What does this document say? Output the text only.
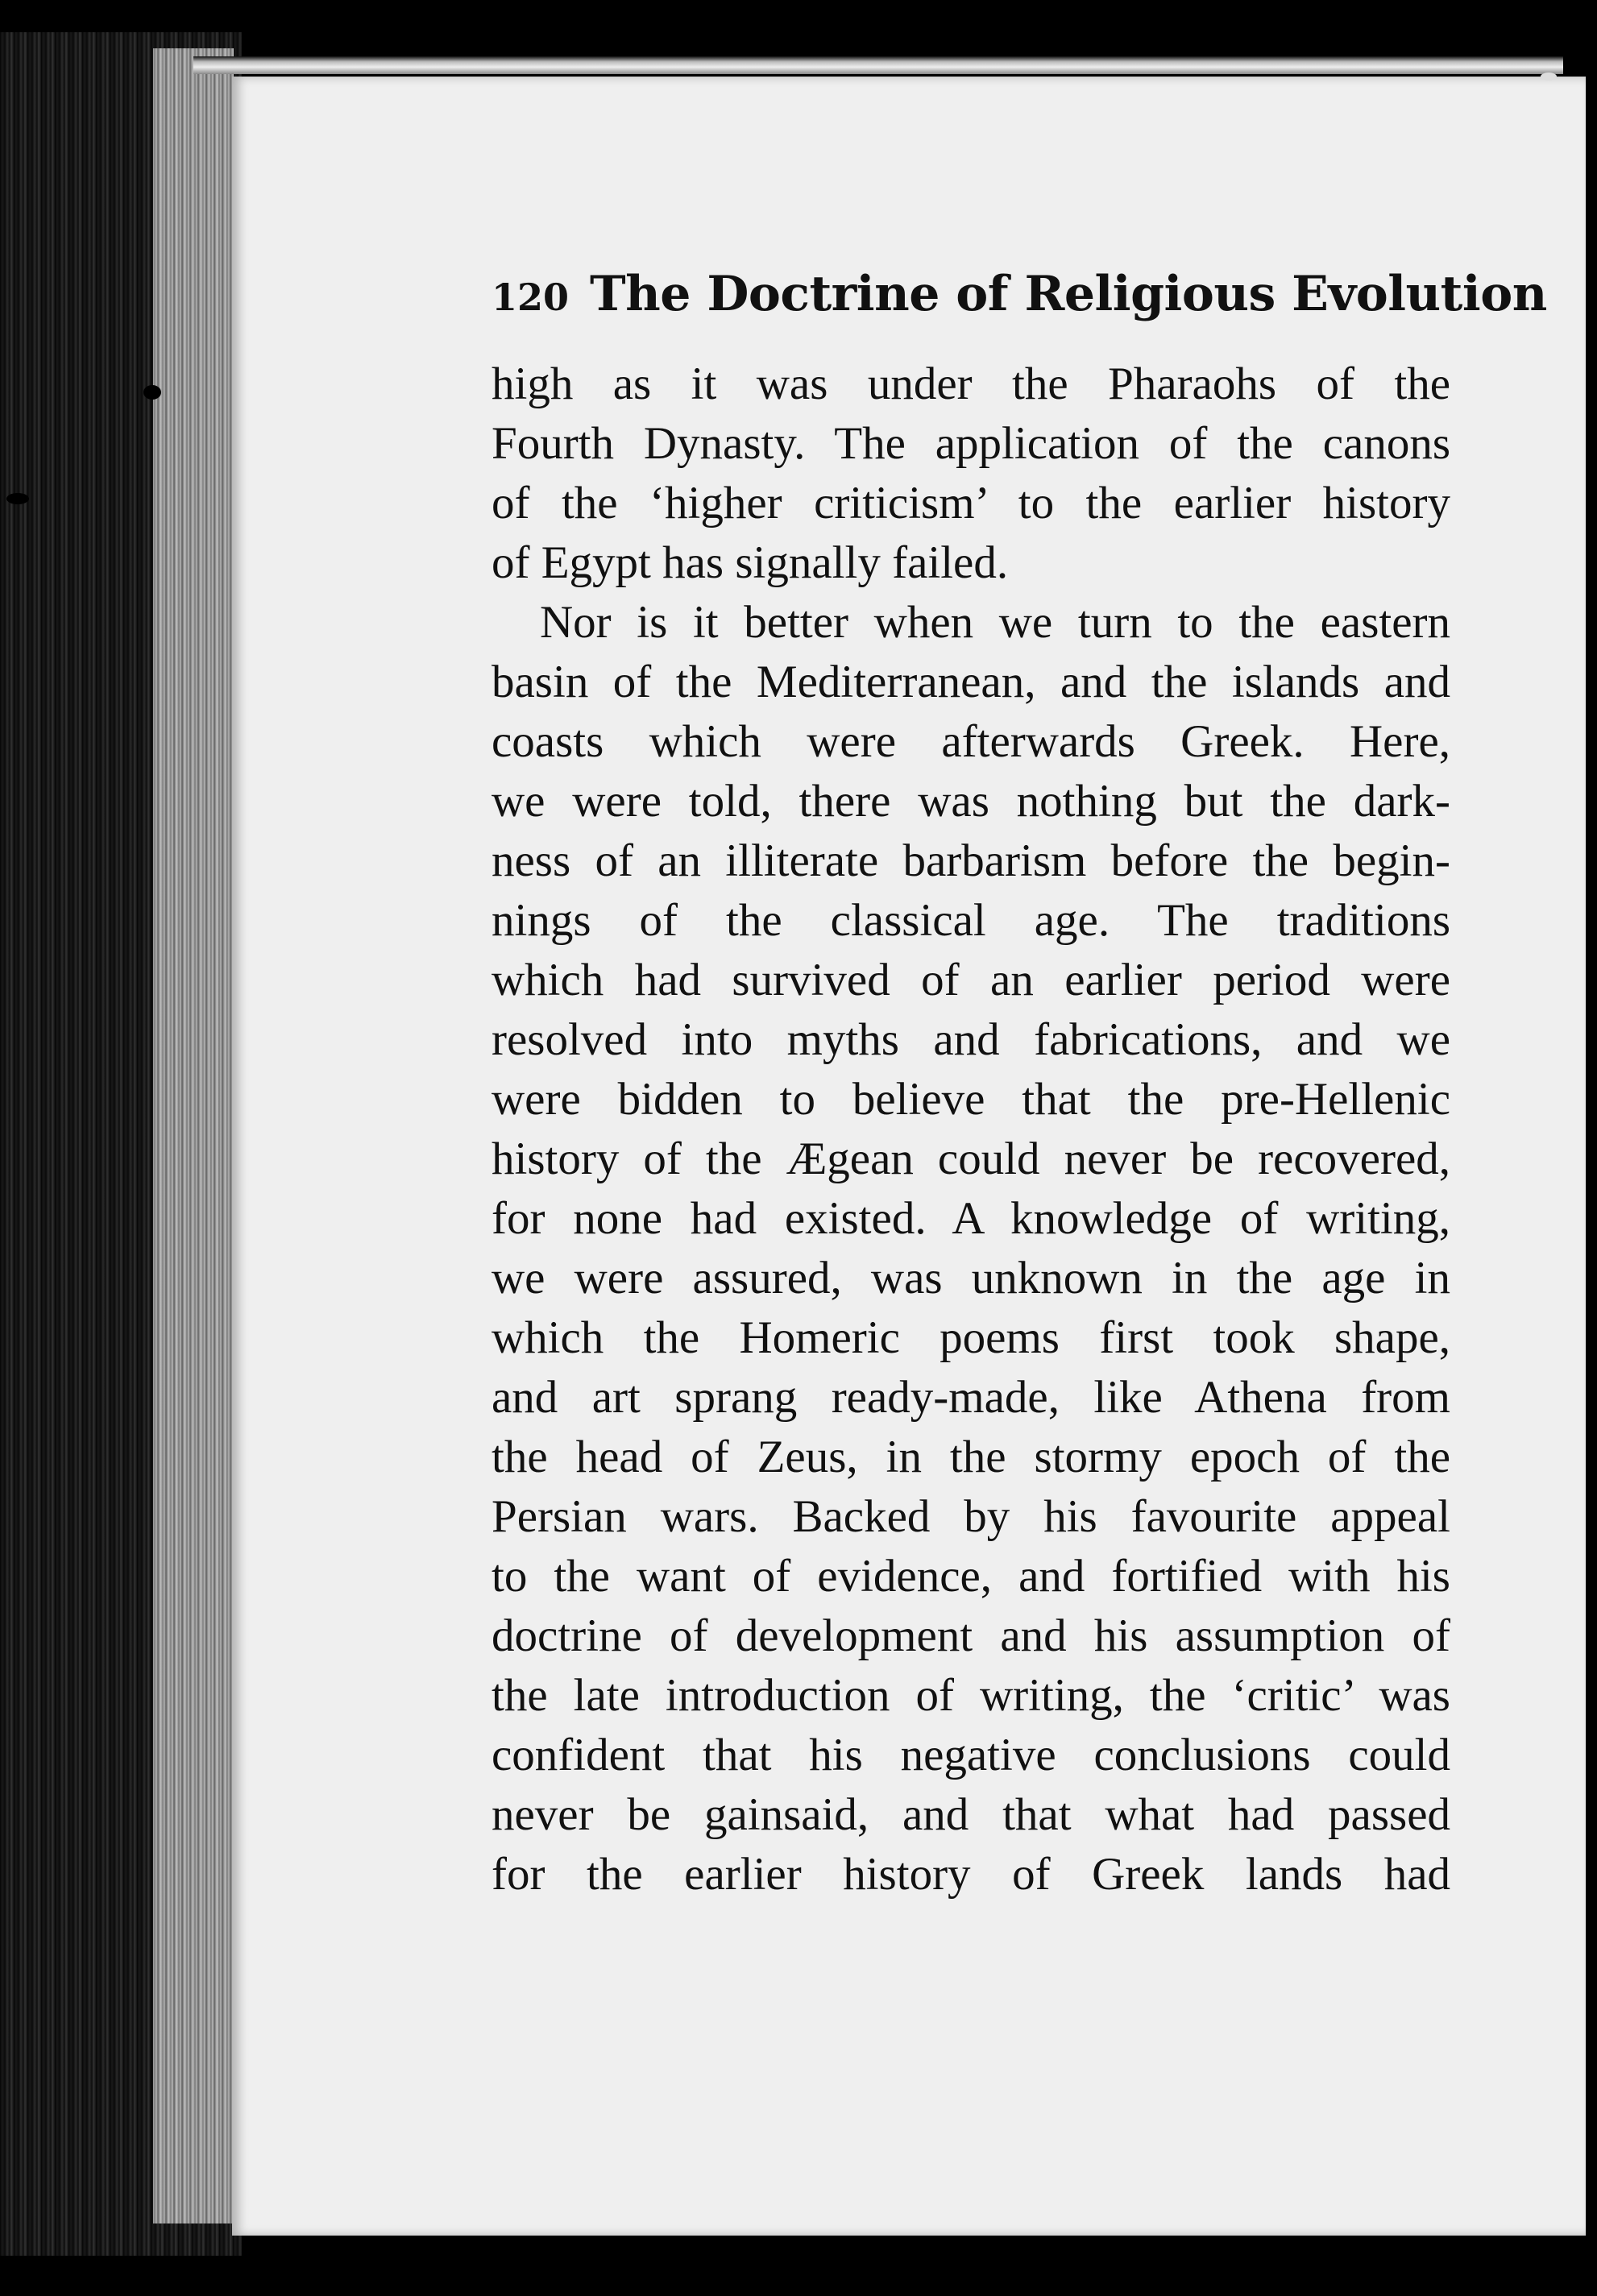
120 The Doctrine of Religious Evolution
high as it was under the Pharaohs of the
Fourth Dynasty. The application of the canons
of the ‘higher criticism’ to the earlier history
of Egypt has signally failed.
Nor is it better when we turn to the eastern
basin of the Mediterranean, and the islands and
coasts which were afterwards Greek. Here,
we were told, there was nothing but the dark-
ness of an illiterate barbarism before the begin-
nings of the classical age. The traditions
which had survived of an earlier period were
resolved into myths and fabrications, and we
were bidden to believe that the pre-Hellenic
history of the Ægean could never be recovered,
for none had existed. A knowledge of writing,
we were assured, was unknown in the age in
which the Homeric poems first took shape,
and art sprang ready-made, like Athena from
the head of Zeus, in the stormy epoch of the
Persian wars. Backed by his favourite appeal
to the want of evidence, and fortified with his
doctrine of development and his assumption of
the late introduction of writing, the ‘critic’ was
confident that his negative conclusions could
never be gainsaid, and that what had passed
for the earlier history of Greek lands had
